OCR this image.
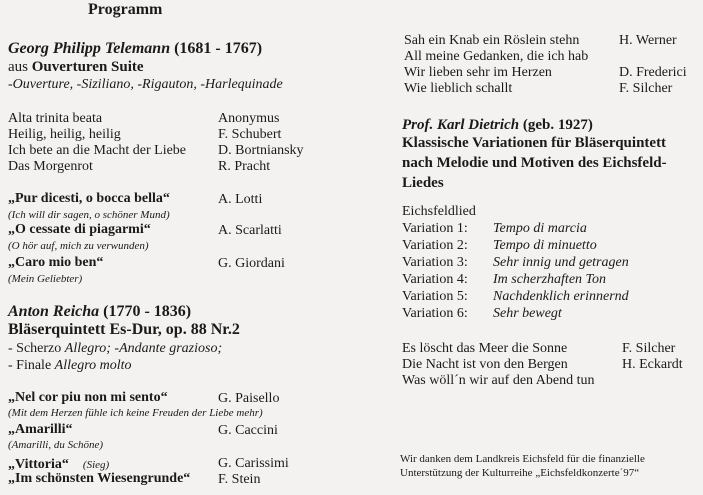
Programm
Georg Philipp Telemann (1681 - 1767)
aus Ouverturen Suite
-Ouverture, -Siziliano, -Rigauton, -Harlequinade
Alta trinita beata	Anonymus
Heilig, heilig, heilig	F. Schubert
Ich bete an die Macht der Liebe D. Bortniansky
Das Morgenrot	R. Pracht
„Pur dicesti, o bocca bella“	A. Lotti
(Ich will dir sagen, o schöner Mund)
„O cessate di piagarmi“	A. Scarlatti
(O hör auf, mich zu verwunden)
„Caro mio ben“	G. Giordani
(Mein Geliebter)
Anton Reicha (1770 - 1836)
Bläserquintett Es-Dur, op. 88 Nr.2
- Scherzo Allegro; -Andante grazioso;
- Finale Allegro molto
„Nel cor piu non mi sento“	G. Paisello
(Mit dem Herzen fühle ich keine Freuden der Liebe mehr)
„Amarilli“	G. Caccini
(Amarilli, du Schöne)
„Vittoria“ (Sieg)	G. Carissimi
„Im schönsten Wiesengrunde“ F. Stein
Sah ein Knab ein Röslein stehn	H. Werner
All meine Gedanken, die ich hab
Wir lieben sehr im Herzen	D. Frederici
Wie lieblich schallt	F. Silcher
Prof. Karl Dietrich (geb. 1927)
Klassische Variationen für Bläserquintett
nach Melodie und Motiven des Eichsfeld-
Liedes
Eichsfeldlied
Variation 1: Tempo di marcia
Variation 2: Tempo di minuetto
Variation 3: Sehr innig und getragen
Variation 4: Im scherzhaften Ton
Variation 5: Nachdenklich erinnernd
Variation 6: Sehr bewegt
Es löscht das Meer die Sonne	F. Silcher
Die Nacht ist von den Bergen	H. Eckardt
Was wöll´n wir auf den Abend tun
Wir danken dem Landkreis Eichsfeld für die finanzielle
Unterstützung der Kulturreihe „Eichsfeldkonzerte´97“
